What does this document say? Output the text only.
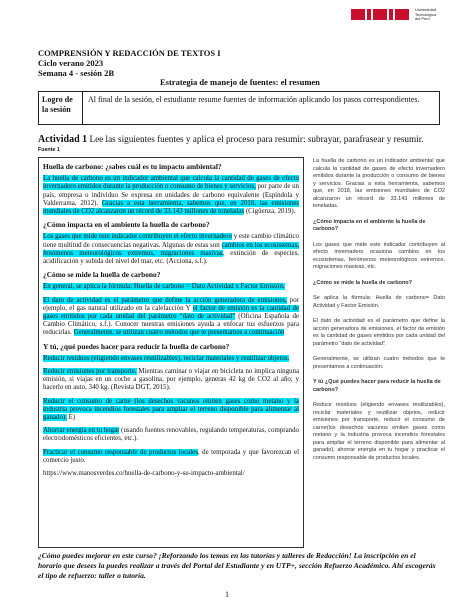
Universidad
Tecnológica
del Perú
COMPRENSIÓN Y REDACCIÓN DE TEXTOS I
Ciclo verano 2023
Semana 4 - sesión 2B
Estrategia de manejo de fuentes: el resumen
Logro de la sesión
Al final de la sesión, el estudiante resume fuentes de información aplicando los pasos correspondientes.
Actividad 1 Lee las siguientes fuentes y aplica el proceso para resumir: subrayar, parafrasear y resumir.
Fuente 1
Huella de carbono: ¿sabes cuál es tu impacto ambiental?

La huella de carbono es un indicador ambiental que calcula la cantidad de gases de efecto invernadero emitidos durante la producción o consumo de bienes y servicios, por parte de un país, empresa o individuo Se expresa en unidades de carbono equivalente (Espíndola y Valderrama, 2012). Gracias a esta herramienta, sabemos que, en 2018, las emisiones mundiales de CO2 alcanzaron un récord de 33.143 millones de toneladas (Cigüenza, 2019).

¿Cómo impacta en el ambiente la huella de carbono?

Los gases que mide este indicador contribuyen el efecto invernadero y este cambio climático tiene multitud de consecuencias negativas. Algunas de estas son cambios en los ecosistemas, fenómenos meteorológicos extremos, migraciones masivas, extinción de especies, acidificación y subida del nivel del mar, etc. (Acciona, s.f.).

¿Cómo se mide la huella de carbono?

En general, se aplica la fórmula: Huella de carbono = Dato Actividad x Factor Emisión.

El dato de actividad es el parámetro que define la acción generadora de emisiones, por ejemplo, el gas natural utilizado en la calefacción Y el factor de emisión es la cantidad de gases emitidos por cada unidad del parámetro “dato de actividad” (Oficina Española de Cambio Climático, s.f.). Conocer nuestras emisiones ayuda a enfocar tus esfuerzos para reducirlas. Generalmente, se utilizan cuatro métodos que te presentamos a continuación

Y tú, ¿qué puedes hacer para reducir la huella de carbono?

Reducir residuos (eligiendo envases reutilizables), reciclar materiales y reutilizar objetos.

Reducir emisiones por transporte. Mientras caminar o viajar en bicicleta no implica ninguna emisión, si viajas en un coche a gasolina, por ejemplo, generas 42 kg de CO2 al año; y hacerlo en auto, 340 kg. (Revista DGT, 2015).

Reducir el consumo de carne (los desechos vacunos emiten gases como metano y la industria provoca incendios forestales para ampliar el terreno disponible para alimentar al ganado). E)

Ahorrar energía en tu hogar (usando fuentes renovables, regulando temperaturas, comprando electrodomésticos eficientes, etc.).

Practicar el consumo responsable de productos locales, de temporada y que favorezcan el comercio justo.

https://www.manosverdes.co/huella-de-carbono-y-su-impacto-ambiental/

La huella de carbono es un indicador ambiental que calcula la cantidad de gases de efecto invernadero emitidos durante la producción o consumo de bienes y servicios. Gracias a esta herramienta, sabemos que, en 2018, las emisiones mundiales de CO2 alcanzaron un récord de 33.143 millones de toneladas.

¿Cómo impacta en el ambiente la huella de carbono?

Los gases que mide este indicador contribuyen al efecto invernadero ocasiona cambios en los ecosistemas, fenómenos meteorológicos extremos, migraciones masivas, etc.

¿Cómo se mide la huella de carbono?

Se aplica la fórmula: Huella de carbono= Dato Actividad y Factor Emisión.

El dato de actividad es el parámetro que define la acción generadora de emisiones, el factor de emisión es la cantidad de gases emitidos por cada unidad del parámetro “dato de actividad”.

Generalmente, se utilizan cuatro métodos que te presentamos a continuación.

Y tú ¿Qué puedes hacer para reducir la huella de carbono?

Reducir residuos (eligiendo envases reutilizables), reciclar materiales y reutilizar objetos, reducir emisiones por transporte, reducir el consumo de carne(los desechos vacunos emiten gases como metano y la industria provoca incendios forestales para ampliar el terreno disponible para alimentar al ganado), ahorrar energía en tu hogar y practicar el consumo responsable de productos locales.

¿Cómo puedes mejorar en este curso? ¡Reforzando los temas en las tutorías y talleres de Redacción! La inscripción en el horario que desees la puedes realizar a través del Portal del Estudiante y en UTP+, sección Refuerzo Académico. Ahí escogerás el tipo de refuerzo: taller o tutoría.
1
